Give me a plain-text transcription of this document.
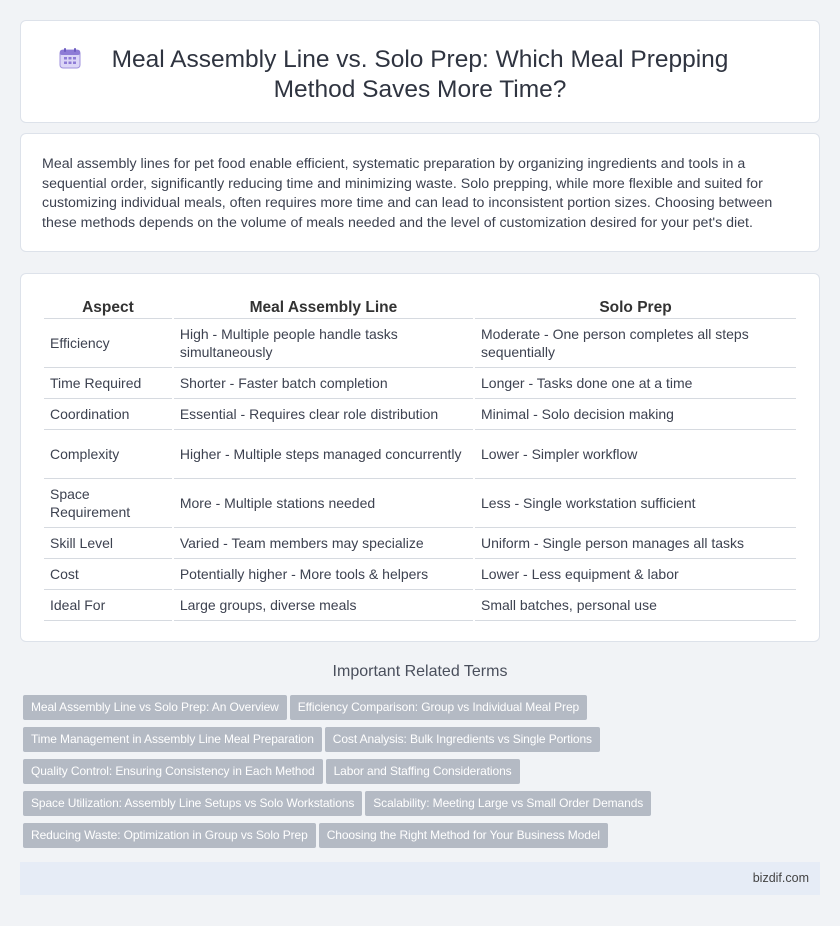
Meal Assembly Line vs. Solo Prep: Which Meal Prepping Method Saves More Time?

Meal assembly lines for pet food enable efficient, systematic preparation by organizing ingredients and tools in a sequential order, significantly reducing time and minimizing waste. Solo prepping, while more flexible and suited for customizing individual meals, often requires more time and can lead to inconsistent portion sizes. Choosing between these methods depends on the volume of meals needed and the level of customization desired for your pet's diet.

Aspect	Meal Assembly Line	Solo Prep
Efficiency	High - Multiple people handle tasks simultaneously	Moderate - One person completes all steps sequentially
Time Required	Shorter - Faster batch completion	Longer - Tasks done one at a time
Coordination	Essential - Requires clear role distribution	Minimal - Solo decision making
Complexity	Higher - Multiple steps managed concurrently	Lower - Simpler workflow
Space Requirement	More - Multiple stations needed	Less - Single workstation sufficient
Skill Level	Varied - Team members may specialize	Uniform - Single person manages all tasks
Cost	Potentially higher - More tools & helpers	Lower - Less equipment & labor
Ideal For	Large groups, diverse meals	Small batches, personal use
Important Related Terms
Meal Assembly Line vs Solo Prep: An Overview Efficiency Comparison: Group vs Individual Meal Prep
Time Management in Assembly Line Meal Preparation Cost Analysis: Bulk Ingredients vs Single Portions
Quality Control: Ensuring Consistency in Each Method Labor and Staffing Considerations
Space Utilization: Assembly Line Setups vs Solo Workstations Scalability: Meeting Large vs Small Order Demands
Reducing Waste: Optimization in Group vs Solo Prep Choosing the Right Method for Your Business Model
bizdif.com
